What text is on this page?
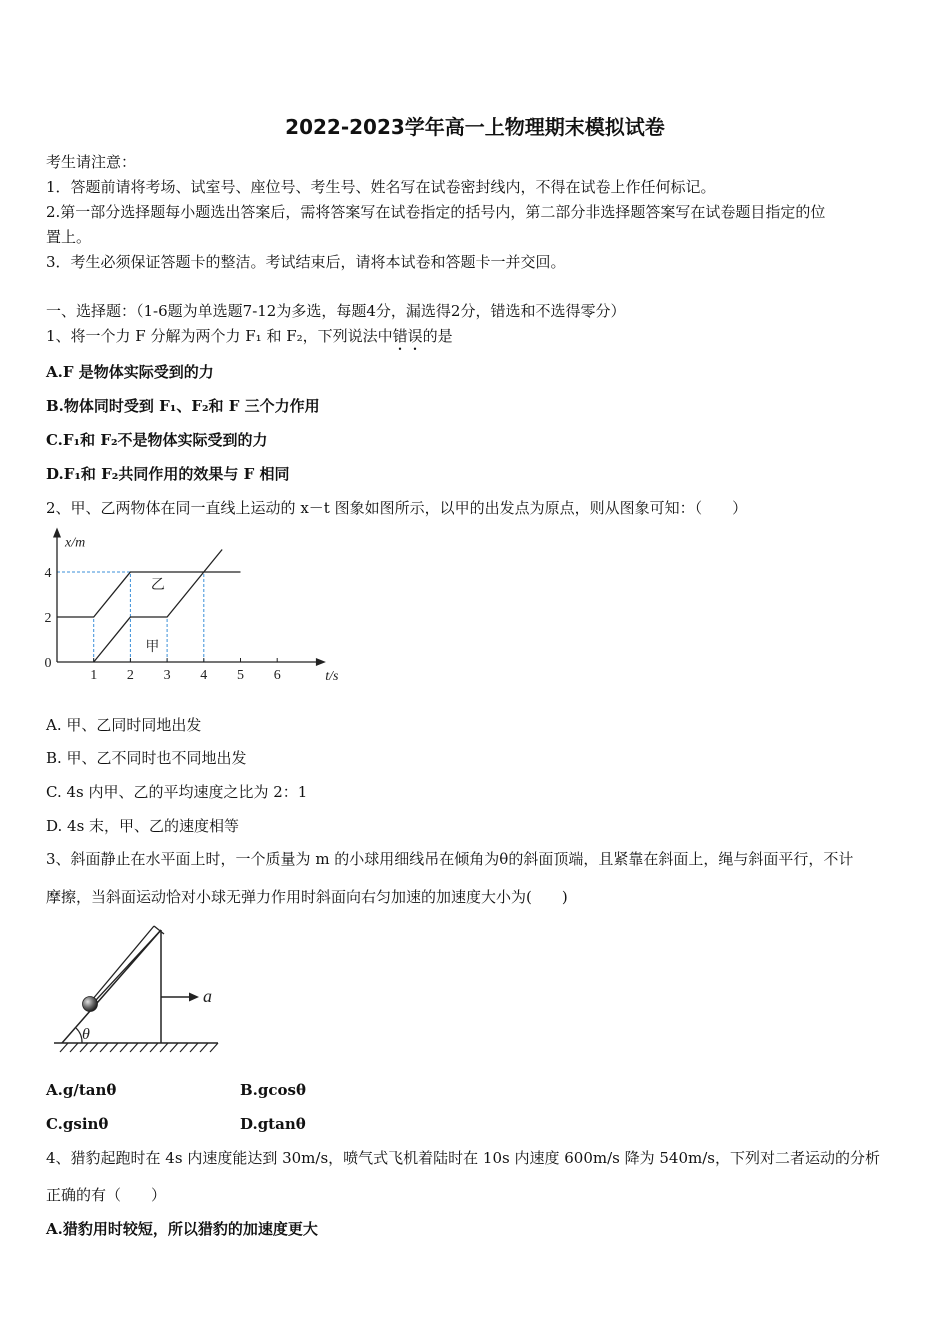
2022-2023学年高一上物理期末模拟试卷
考生请注意：
1．答题前请将考场、试室号、座位号、考生号、姓名写在试卷密封线内，不得在试卷上作任何标记。
2.第一部分选择题每小题选出答案后，需将答案写在试卷指定的括号内，第二部分非选择题答案写在试卷题目指定的位
置上。
3．考生必须保证答题卡的整洁。考试结束后，请将本试卷和答题卡一并交回。
一、选择题：（1-6题为单选题7-12为多选，每题4分，漏选得2分，错选和不选得零分）
1、将一个力 F 分解为两个力 F₁ 和 F₂，下列说法中错误的是
A.F 是物体实际受到的力
B.物体同时受到 F₁、F₂和 F 三个力作用
C.F₁和 F₂不是物体实际受到的力
D.F₁和 F₂共同作用的效果与 F 相同
2、甲、乙两物体在同一直线上运动的 x－t 图象如图所示，以甲的出发点为原点，则从图象可知：（　　）
1 2 3 4 5 6
0
2
4
t/s
x/m
乙
甲
A. 甲、乙同时同地出发
B. 甲、乙不同时也不同地出发
C. 4s 内甲、乙的平均速度之比为 2：1
D. 4s 末，甲、乙的速度相等
3、斜面静止在水平面上时，一个质量为 m 的小球用细线吊在倾角为θ的斜面顶端，且紧靠在斜面上，绳与斜面平行，不计
摩擦，当斜面运动恰对小球无弹力作用时斜面向右匀加速的加速度大小为(　　)
θ
a
A.g/tanθ	B.gcosθ
C.gsinθ	D.gtanθ
4、猎豹起跑时在 4s 内速度能达到 30m/s，喷气式飞机着陆时在 10s 内速度 600m/s 降为 540m/s，下列对二者运动的分析
正确的有（　　）
A.猎豹用时较短，所以猎豹的加速度更大
